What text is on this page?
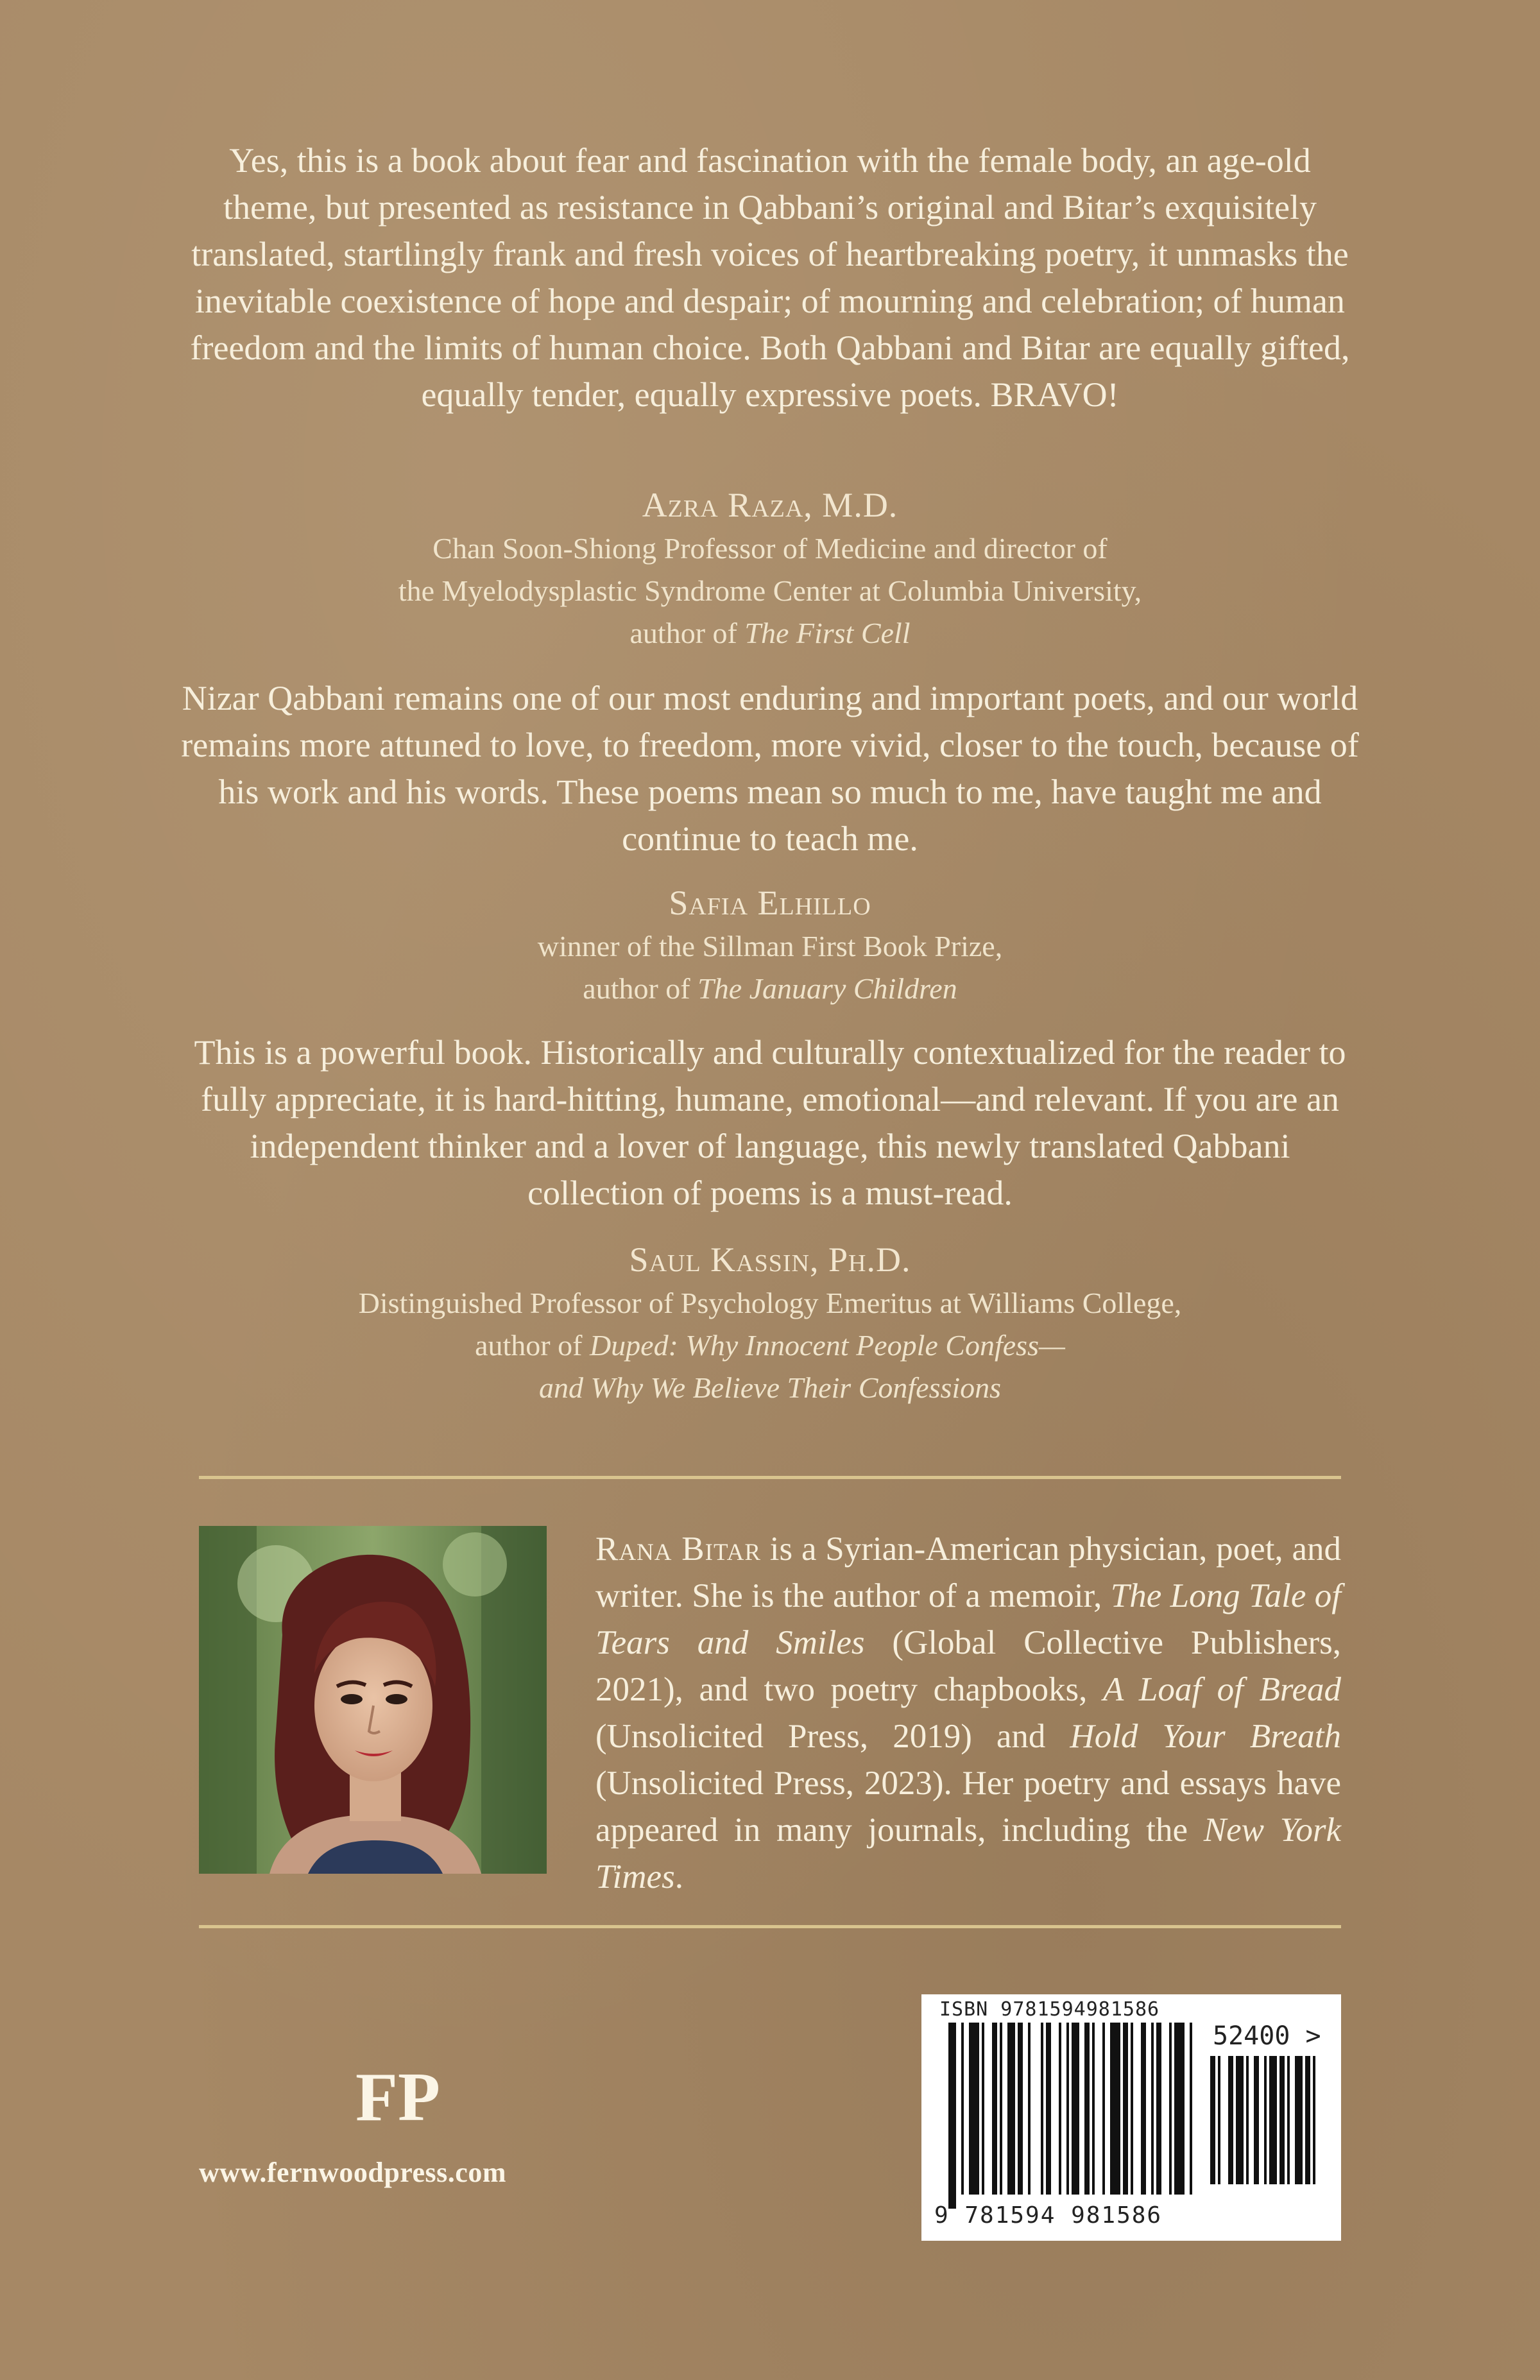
Yes, this is a book about fear and fascination with the female body, an age-old theme, but presented as resistance in Qabbani’s original and Bitar’s exquisitely translated, startlingly frank and fresh voices of heartbreaking poetry, it unmasks the inevitable coexistence of hope and despair; of mourning and celebration; of human freedom and the limits of human choice. Both Qabbani and Bitar are equally gifted, equally tender, equally expressive poets. BRAVO!

Azra Raza, M.D.
Chan Soon-Shiong Professor of Medicine and director of
the Myelodysplastic Syndrome Center at Columbia University,
author of The First Cell

Nizar Qabbani remains one of our most enduring and important poets, and our world remains more attuned to love, to freedom, more vivid, closer to the touch, because of his work and his words. These poems mean so much to me, have taught me and continue to teach me.

Safia Elhillo
winner of the Sillman First Book Prize,
author of The January Children

This is a powerful book. Historically and culturally contextualized for the reader to fully appreciate, it is hard-hitting, humane, emotional—and relevant. If you are an independent thinker and a lover of language, this newly translated Qabbani collection of poems is a must-read.

Saul Kassin, Ph.D.
Distinguished Professor of Psychology Emeritus at Williams College,
author of Duped: Why Innocent People Confess—
and Why We Believe Their Confessions
Rana Bitar is a Syrian-American physician, poet, and writer. She is the author of a memoir, The Long Tale of Tears and Smiles (Global Collective Publishers, 2021), and two poetry chapbooks, A Loaf of Bread (Unsolicited Press, 2019) and Hold Your Breath (Unsolicited Press, 2023). Her poetry and essays have appeared in many journals, including the New York Times.
FP
www.fernwoodpress.com
ISBN 9781594981586
52400 >
9 781594 981586
